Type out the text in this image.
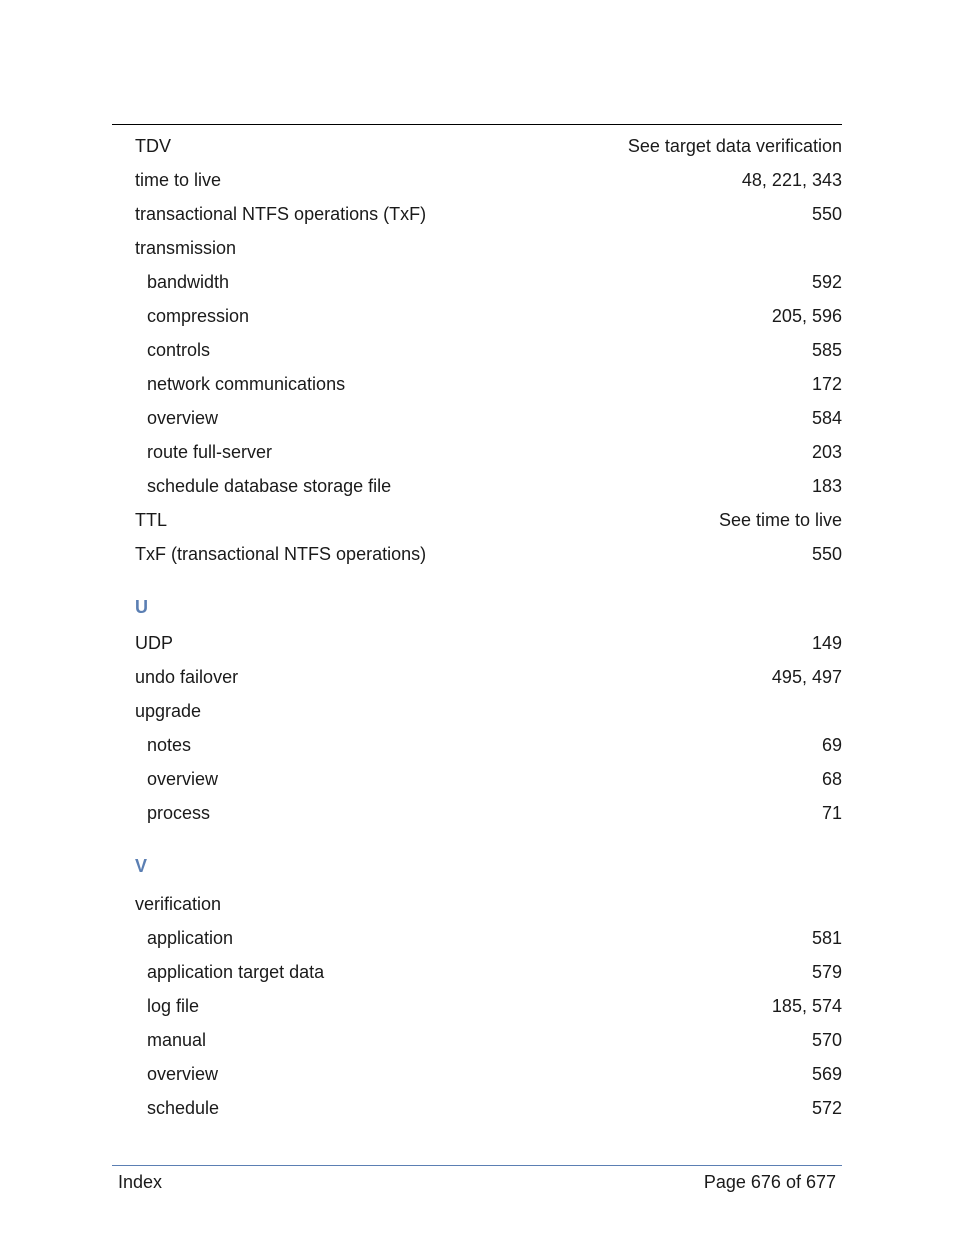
TDV	See target data verification
time to live	48, 221, 343
transactional NTFS operations (TxF)	550
transmission
bandwidth	592
compression	205, 596
controls	585
network communications	172
overview	584
route full-server	203
schedule database storage file	183
TTL	See time to live
TxF (transactional NTFS operations)	550
U
UDP	149
undo failover	495, 497
upgrade
notes	69
overview	68
process	71
V
verification
application	581
application target data	579
log file	185, 574
manual	570
overview	569
schedule	572
Index	Page 676 of 677
